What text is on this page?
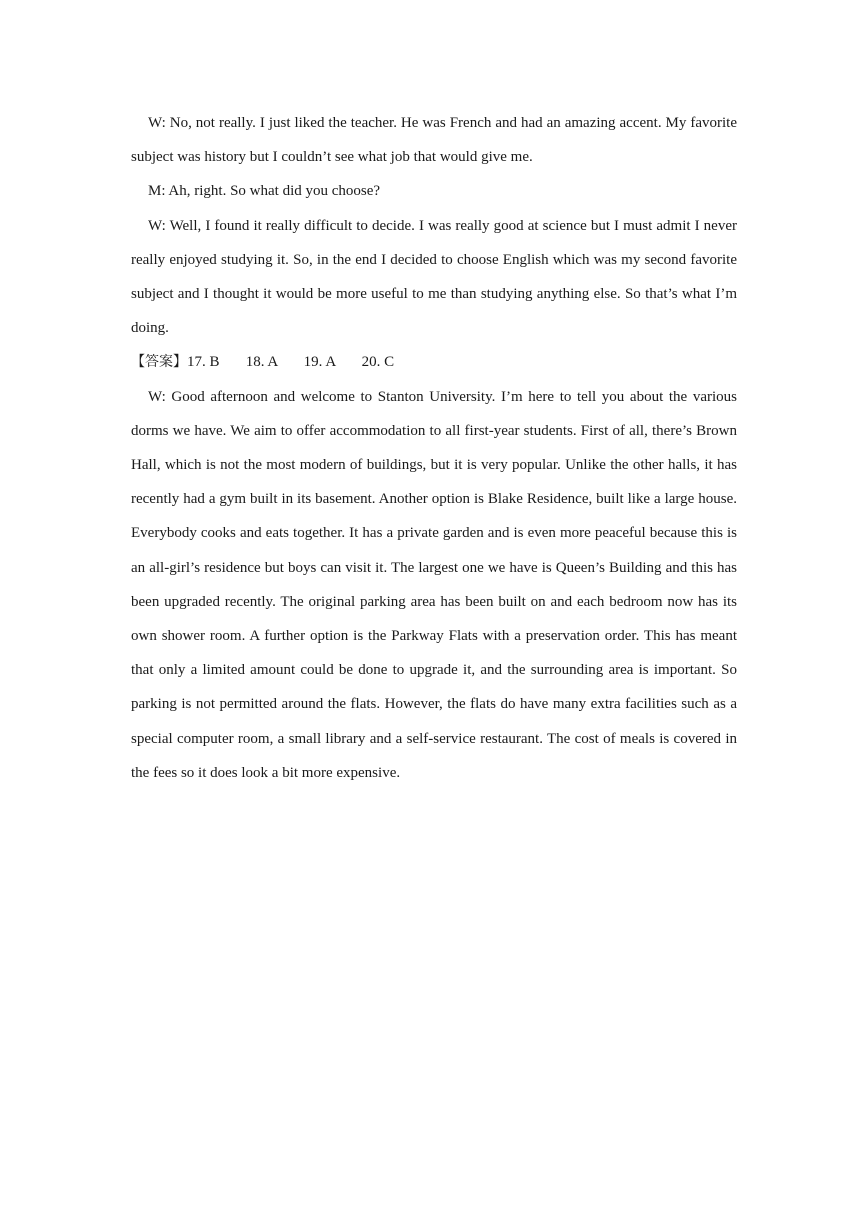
W: No, not really. I just liked the teacher. He was French and had an amazing accent. My favorite subject was history but I couldn’t see what job that would give me.

M: Ah, right. So what did you choose?

W: Well, I found it really difficult to decide. I was really good at science but I must admit I never really enjoyed studying it. So, in the end I decided to choose English which was my second favorite subject and I thought it would be more useful to me than studying anything else. So that’s what I’m doing.

【答案】17. B       18. A       19. A       20. C

W: Good afternoon and welcome to Stanton University. I’m here to tell you about the various dorms we have. We aim to offer accommodation to all first-year students. First of all, there’s Brown Hall, which is not the most modern of buildings, but it is very popular. Unlike the other halls, it has recently had a gym built in its basement. Another option is Blake Residence, built like a large house. Everybody cooks and eats together. It has a private garden and is even more peaceful because this is an all-girl’s residence but boys can visit it. The largest one we have is Queen’s Building and this has been upgraded recently. The original parking area has been built on and each bedroom now has its own shower room. A further option is the Parkway Flats with a preservation order. This has meant that only a limited amount could be done to upgrade it, and the surrounding area is important. So parking is not permitted around the flats. However, the flats do have many extra facilities such as a special computer room, a small library and a self-service restaurant. The cost of meals is covered in the fees so it does look a bit more expensive.
